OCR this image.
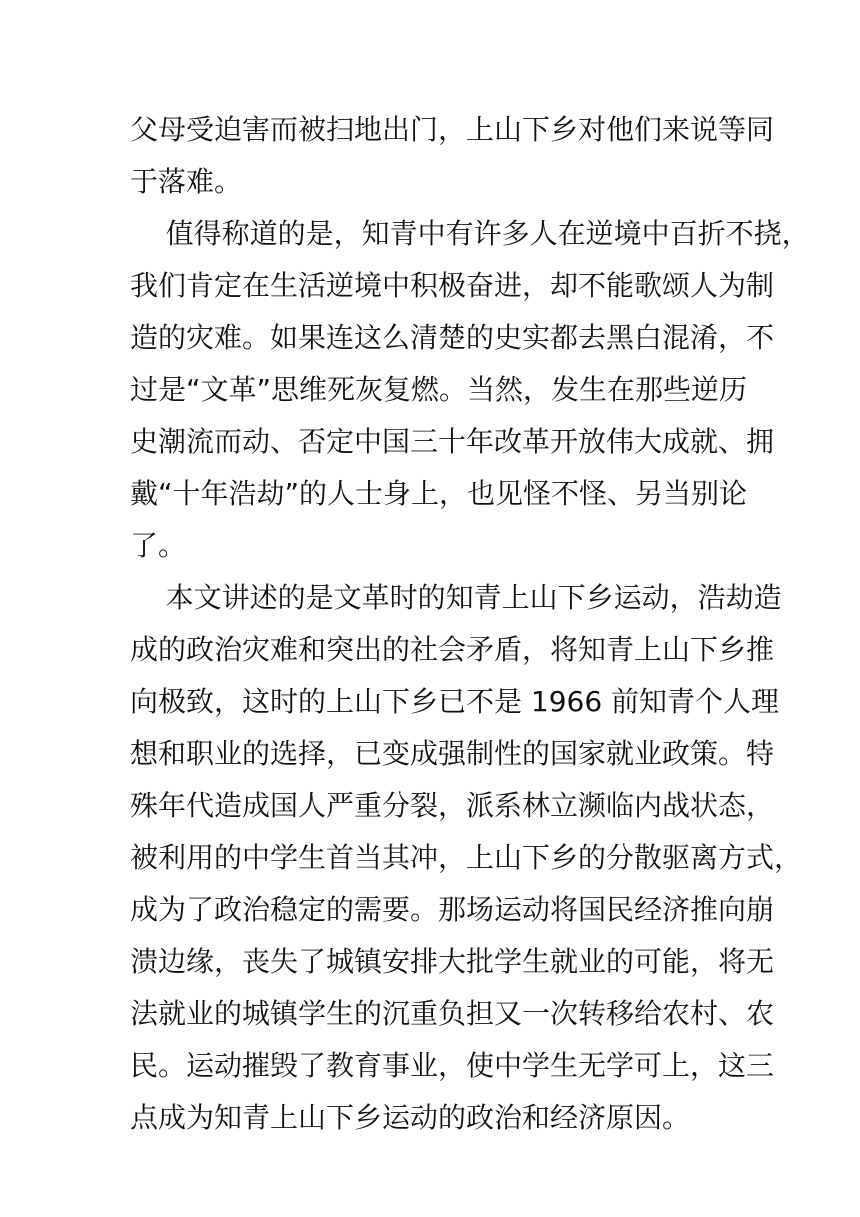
父母受迫害而被扫地出门，上山下乡对他们来说等同
于落难。
值得称道的是，知青中有许多人在逆境中百折不挠，
我们肯定在生活逆境中积极奋进，却不能歌颂人为制
造的灾难。如果连这么清楚的史实都去黑白混淆，不
过是“文革”思维死灰复燃。当然，发生在那些逆历
史潮流而动、否定中国三十年改革开放伟大成就、拥
戴“十年浩劫”的人士身上，也见怪不怪、另当别论
了。
本文讲述的是文革时的知青上山下乡运动，浩劫造
成的政治灾难和突出的社会矛盾，将知青上山下乡推
向极致，这时的上山下乡已不是 1966 前知青个人理
想和职业的选择，已变成强制性的国家就业政策。特
殊年代造成国人严重分裂，派系林立濒临内战状态，
被利用的中学生首当其冲，上山下乡的分散驱离方式，
成为了政治稳定的需要。那场运动将国民经济推向崩
溃边缘，丧失了城镇安排大批学生就业的可能，将无
法就业的城镇学生的沉重负担又一次转移给农村、农
民。运动摧毁了教育事业，使中学生无学可上，这三
点成为知青上山下乡运动的政治和经济原因。
